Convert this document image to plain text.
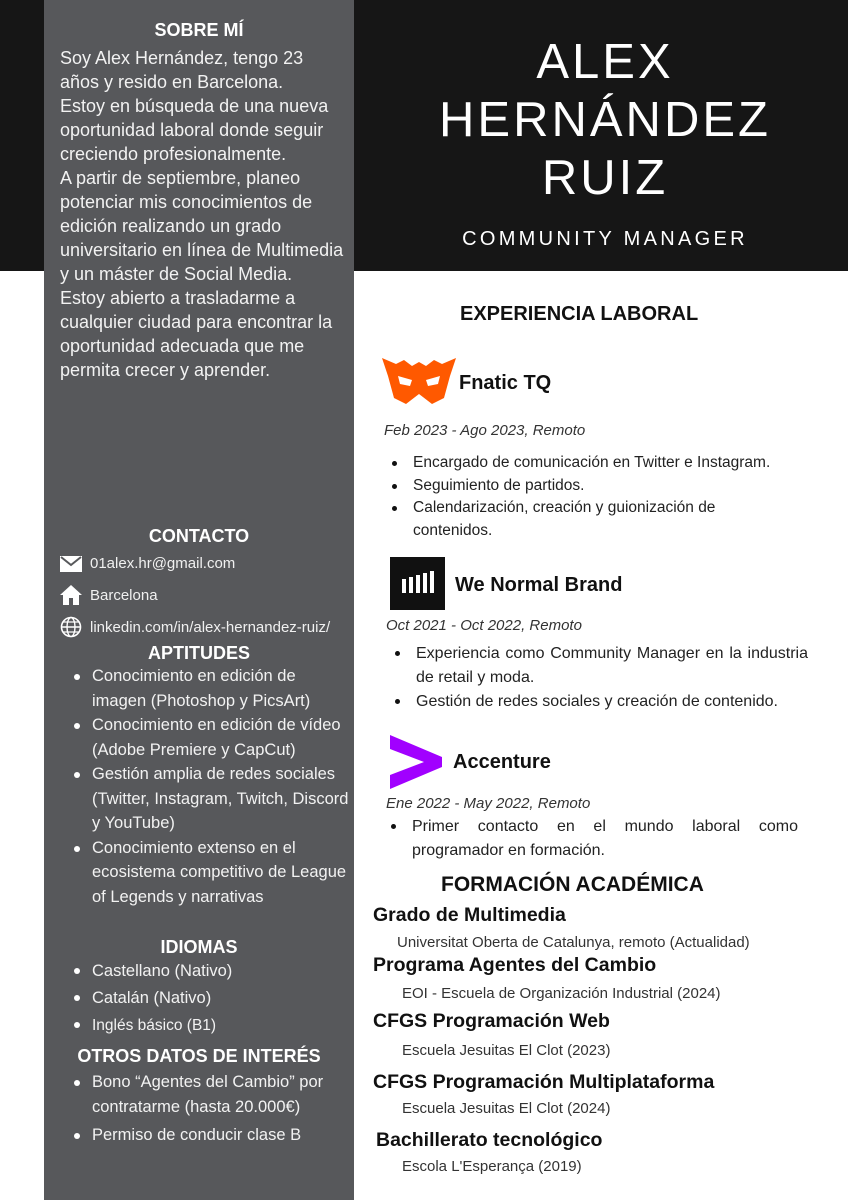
SOBRE MÍ

Soy Alex Hernández, tengo 23 años y resido en Barcelona.

Estoy en búsqueda de una nueva oportunidad laboral donde seguir creciendo profesionalmente.

A partir de septiembre, planeo potenciar mis conocimientos de edición realizando un grado universitario en línea de Multimedia y un máster de Social Media.

Estoy abierto a trasladarme a cualquier ciudad para encontrar la oportunidad adecuada que me permita crecer y aprender.

CONTACTO
01alex.hr@gmail.com
Barcelona
linkedin.com/in/alex-hernandez-ruiz/
APTITUDES
Conocimiento en edición de imagen (Photoshop y PicsArt)
Conocimiento en edición de vídeo (Adobe Premiere y CapCut)
Gestión amplia de redes sociales (Twitter, Instagram, Twitch, Discord y YouTube)
Conocimiento extenso en el ecosistema competitivo de League of Legends y narrativas
IDIOMAS
Castellano (Nativo)
Catalán (Nativo)
Inglés básico (B1)
OTROS DATOS DE INTERÉS
Bono “Agentes del Cambio” por contratarme (hasta 20.000€)
Permiso de conducir clase B
ALEX
HERNÁNDEZ
RUIZ
COMMUNITY MANAGER
EXPERIENCIA LABORAL
Fnatic TQ
Feb 2023 - Ago 2023, Remoto
Encargado de comunicación en Twitter e Instagram.
Seguimiento de partidos.
Calendarización, creación y guionización de contenidos.
We Normal Brand
Oct 2021 - Oct 2022, Remoto
Experiencia como Community Manager en la industria de retail y moda.
Gestión de redes sociales y creación de contenido.
Accenture
Ene 2022 - May 2022, Remoto
Primer contacto en el mundo laboral como programador en formación.
FORMACIÓN ACADÉMICA
Grado de Multimedia
Universitat Oberta de Catalunya, remoto (Actualidad)
Programa Agentes del Cambio
EOI - Escuela de Organización Industrial (2024)
CFGS Programación Web
Escuela Jesuitas El Clot (2023)
CFGS Programación Multiplataforma
Escuela Jesuitas El Clot (2024)
Bachillerato tecnológico
Escola L'Esperança (2019)
